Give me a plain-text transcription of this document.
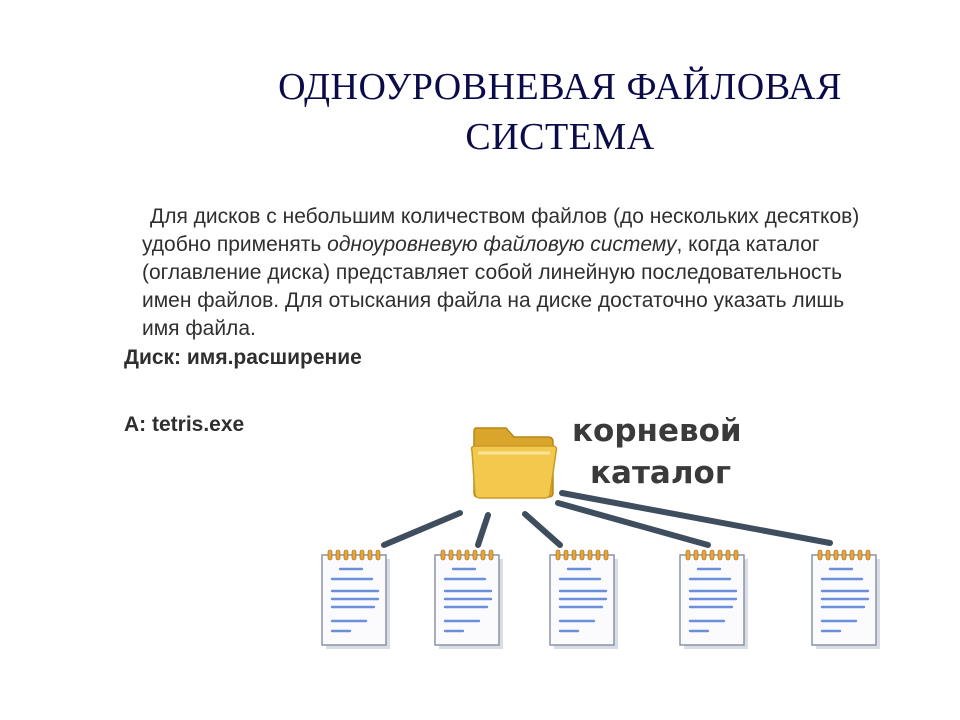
ОДНОУРОВНЕВАЯ ФАЙЛОВАЯ
СИСТЕМА
Для дисков с небольшим количеством файлов (до нескольких десятков)
удобно применять одноуровневую файловую систему, когда каталог
(оглавление диска) представляет собой линейную последовательность
имен файлов. Для отыскания файла на диске достаточно указать лишь
имя файла.
Диск: имя.расширение
A: tetris.exe	корневой
каталог
